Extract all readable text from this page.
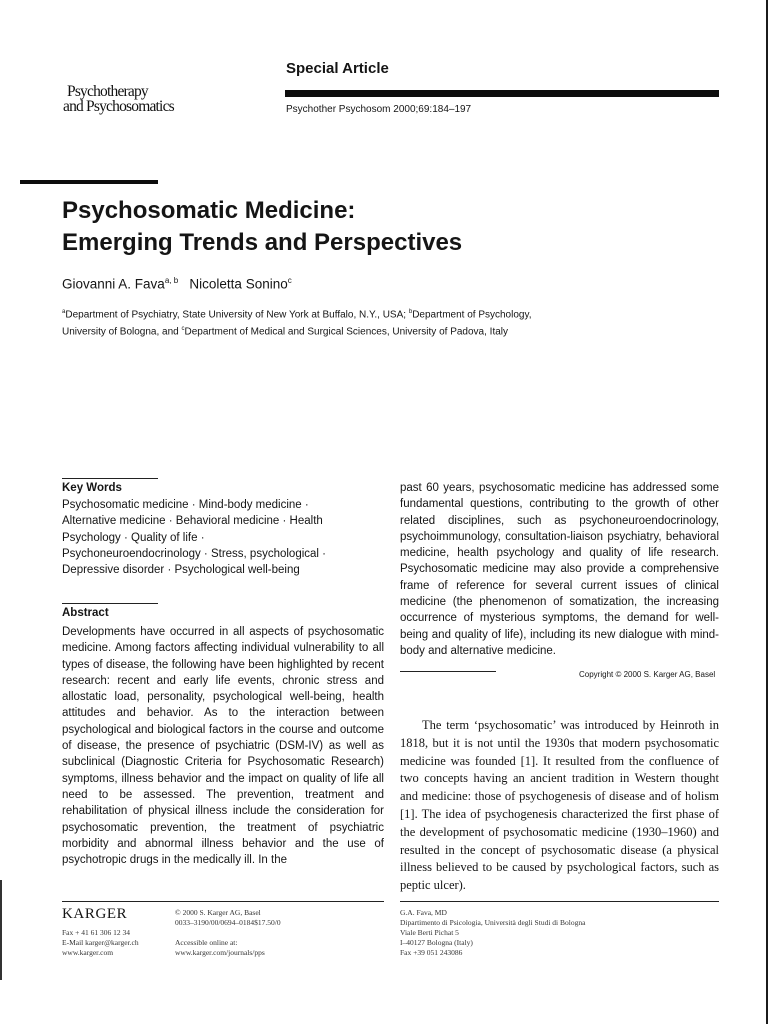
Psychotherapy
and Psychosomatics
Special Article
Psychother Psychosom 2000;69:184–197
Psychosomatic Medicine:
Emerging Trends and Perspectives
Giovanni A. Fava$^{a, b}$ Nicoletta Sonino$^c$
$^a$Department of Psychiatry, State University of New York at Buffalo, N.Y., USA; $^b$Department of Psychology,
University of Bologna, and $^c$Department of Medical and Surgical Sciences, University of Padova, Italy
Key Words
Psychosomatic medicine · Mind-body medicine ·
Alternative medicine · Behavioral medicine · Health
Psychology · Quality of life ·
Psychoneuroendocrinology · Stress, psychological ·
Depressive disorder · Psychological well-being
Abstract
Developments have occurred in all aspects of psychosomatic medicine. Among factors affecting individual vulnerability to all types of disease, the following have been highlighted by recent research: recent and early life events, chronic stress and allostatic load, personality, psychological well-being, health attitudes and behavior. As to the interaction between psychological and biological factors in the course and outcome of disease, the presence of psychiatric (DSM-IV) as well as subclinical (Diagnostic Criteria for Psychosomatic Research) symptoms, illness behavior and the impact on quality of life all need to be assessed. The prevention, treatment and rehabilitation of physical illness include the consideration for psychosomatic prevention, the treatment of psychiatric morbidity and abnormal illness behavior and the use of psychotropic drugs in the medically ill. In the
past 60 years, psychosomatic medicine has addressed some fundamental questions, contributing to the growth of other related disciplines, such as psychoneuroendocrinology, psychoimmunology, consultation-liaison psychiatry, behavioral medicine, health psychology and quality of life research. Psychosomatic medicine may also provide a comprehensive frame of reference for several current issues of clinical medicine (the phenomenon of somatization, the increasing occurrence of mysterious symptoms, the demand for well-being and quality of life), including its new dialogue with mind-body and alternative medicine.
Copyright © 2000 S. Karger AG, Basel

The term ‘psychosomatic’ was introduced by Heinroth in 1818, but it is not until the 1930s that modern psychosomatic medicine was founded [1]. It resulted from the confluence of two concepts having an ancient tradition in Western thought and medicine: those of psychogenesis of disease and of holism [1]. The idea of psychogenesis characterized the first phase of the development of psychosomatic medicine (1930–1960) and resulted in the concept of psychosomatic disease (a physical illness believed to be caused by psychological factors, such as peptic ulcer).

KARGER
Fax + 41 61 306 12 34
E-Mail karger@karger.ch
www.karger.com
© 2000 S. Karger AG, Basel
0033–3190/00/0694–0184$17.50/0
Accessible online at:
www.karger.com/journals/pps
G.A. Fava, MD
Dipartimento di Psicologia, Università degli Studi di Bologna
Viale Berti Pichat 5
I–40127 Bologna (Italy)
Fax +39 051 243086
